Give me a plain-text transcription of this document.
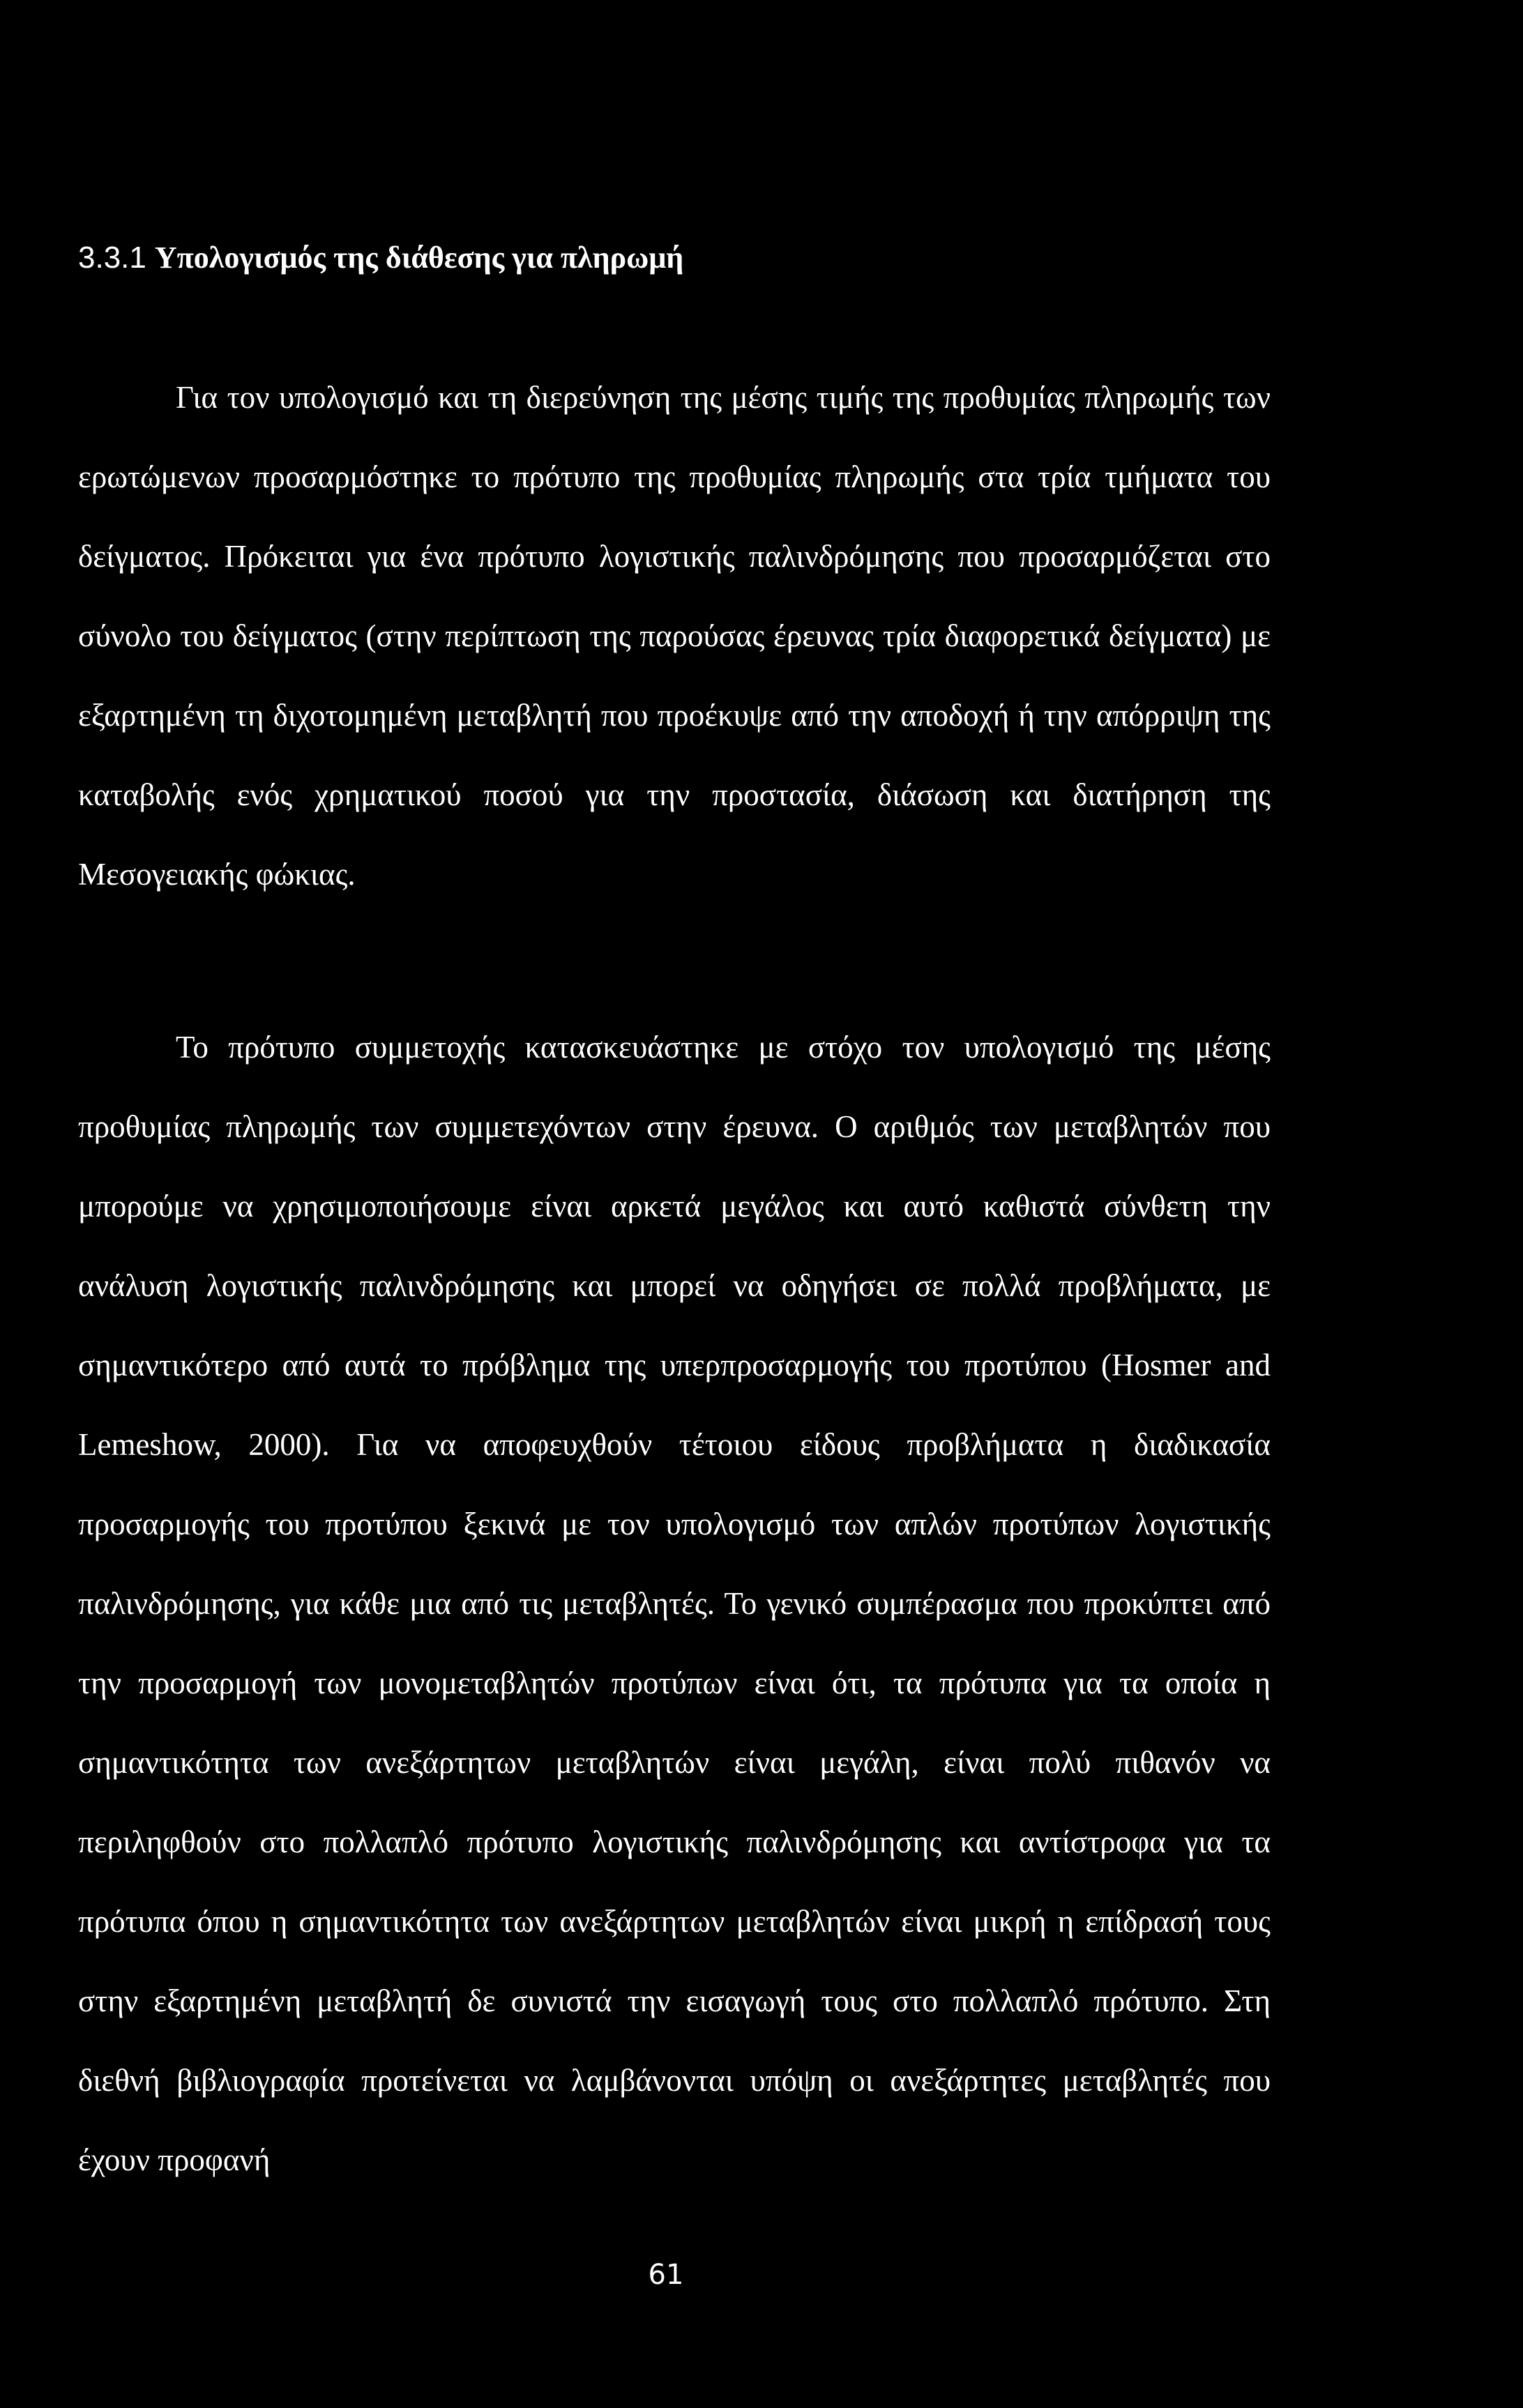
3.3.1 Υπολογισμός της διάθεσης για πληρωμή

Για τον υπολογισμό και τη διερεύνηση της μέσης τιμής της προθυμίας πληρωμής των ερωτώμενων προσαρμόστηκε το πρότυπο της προθυμίας πληρωμής στα τρία τμήματα του δείγματος. Πρόκειται για ένα πρότυπο λογιστικής παλινδρόμησης που προσαρμόζεται στο σύνολο του δείγματος (στην περίπτωση της παρούσας έρευνας τρία διαφορετικά δείγματα) με εξαρτημένη τη διχοτομημένη μεταβλητή που προέκυψε από την αποδοχή ή την απόρριψη της καταβολής ενός χρηματικού ποσού για την προστασία, διάσωση και διατήρηση της Μεσογειακής φώκιας.

Το πρότυπο συμμετοχής κατασκευάστηκε με στόχο τον υπολογισμό της μέσης προθυμίας πληρωμής των συμμετεχόντων στην έρευνα. Ο αριθμός των μεταβλητών που μπορούμε να χρησιμοποιήσουμε είναι αρκετά μεγάλος και αυτό καθιστά σύνθετη την ανάλυση λογιστικής παλινδρόμησης και μπορεί να οδηγήσει σε πολλά προβλήματα, με σημαντικότερο από αυτά το πρόβλημα της υπερπροσαρμογής του προτύπου (Hosmer and Lemeshow, 2000). Για να αποφευχθούν τέτοιου είδους προβλήματα η διαδικασία προσαρμογής του προτύπου ξεκινά με τον υπολογισμό των απλών προτύπων λογιστικής παλινδρόμησης, για κάθε μια από τις μεταβλητές. Το γενικό συμπέρασμα που προκύπτει από την προσαρμογή των μονομεταβλητών προτύπων είναι ότι, τα πρότυπα για τα οποία η σημαντικότητα των ανεξάρτητων μεταβλητών είναι μεγάλη, είναι πολύ πιθανόν να περιληφθούν στο πολλαπλό πρότυπο λογιστικής παλινδρόμησης και αντίστροφα για τα πρότυπα όπου η σημαντικότητα των ανεξάρτητων μεταβλητών είναι μικρή η επίδρασή τους στην εξαρτημένη μεταβλητή δε συνιστά την εισαγωγή τους στο πολλαπλό πρότυπο. Στη διεθνή βιβλιογραφία προτείνεται να λαμβάνονται υπόψη οι ανεξάρτητες μεταβλητές που έχουν προφανή

61
